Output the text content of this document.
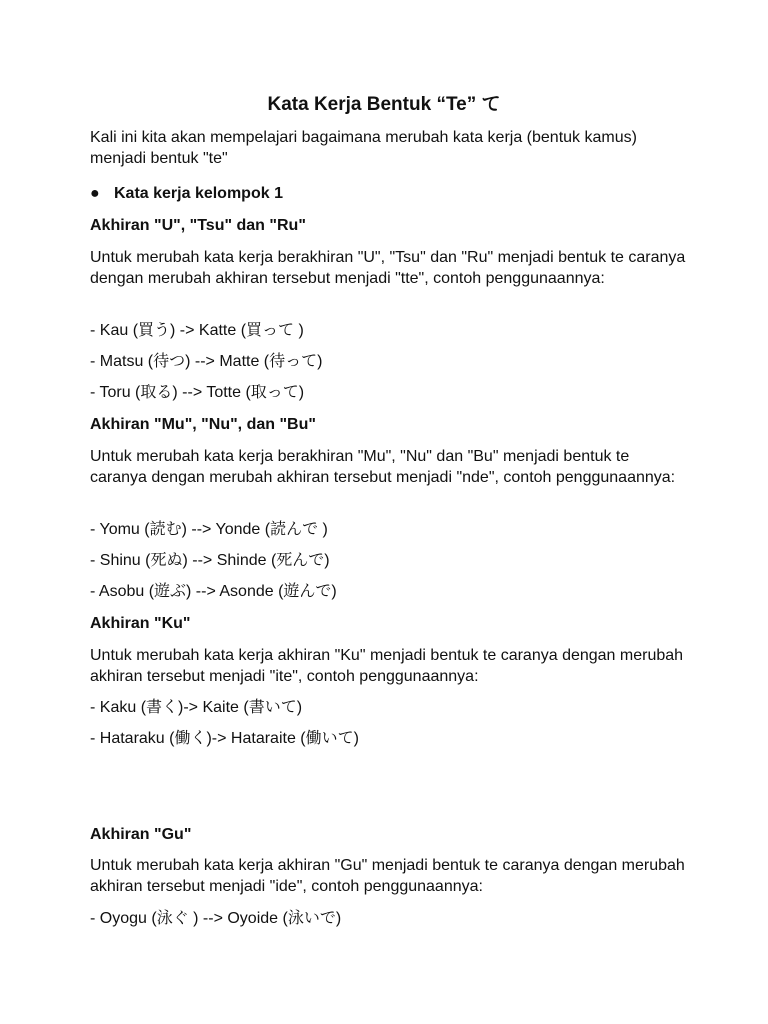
Kata Kerja Bentuk “Te” て

Kali ini kita akan mempelajari bagaimana merubah kata kerja (bentuk kamus) menjadi bentuk "te"

● Kata kerja kelompok 1

Akhiran "U", "Tsu" dan "Ru"

Untuk merubah kata kerja berakhiran "U", "Tsu" dan "Ru" menjadi bentuk te caranya dengan merubah akhiran tersebut menjadi "tte", contoh penggunaannya:

- Kau (買う) -> Katte (買って )

- Matsu (待つ) --> Matte (待って)

- Toru (取る) --> Totte (取って)

Akhiran "Mu", "Nu", dan "Bu"

Untuk merubah kata kerja berakhiran "Mu", "Nu" dan "Bu" menjadi bentuk te caranya dengan merubah akhiran tersebut menjadi "nde", contoh penggunaannya:

- Yomu (読む) --> Yonde (読んで )

- Shinu (死ぬ) --> Shinde (死んで)

- Asobu (遊ぶ) --> Asonde (遊んで)

Akhiran "Ku"

Untuk merubah kata kerja akhiran "Ku" menjadi bentuk te caranya dengan merubah akhiran tersebut menjadi "ite", contoh penggunaannya:

- Kaku (書く)-> Kaite (書いて)

- Hataraku (働く)-> Hataraite (働いて)

Akhiran "Gu"

Untuk merubah kata kerja akhiran "Gu" menjadi bentuk te caranya dengan merubah akhiran tersebut menjadi "ide", contoh penggunaannya:

- Oyogu (泳ぐ ) --> Oyoide (泳いで)
